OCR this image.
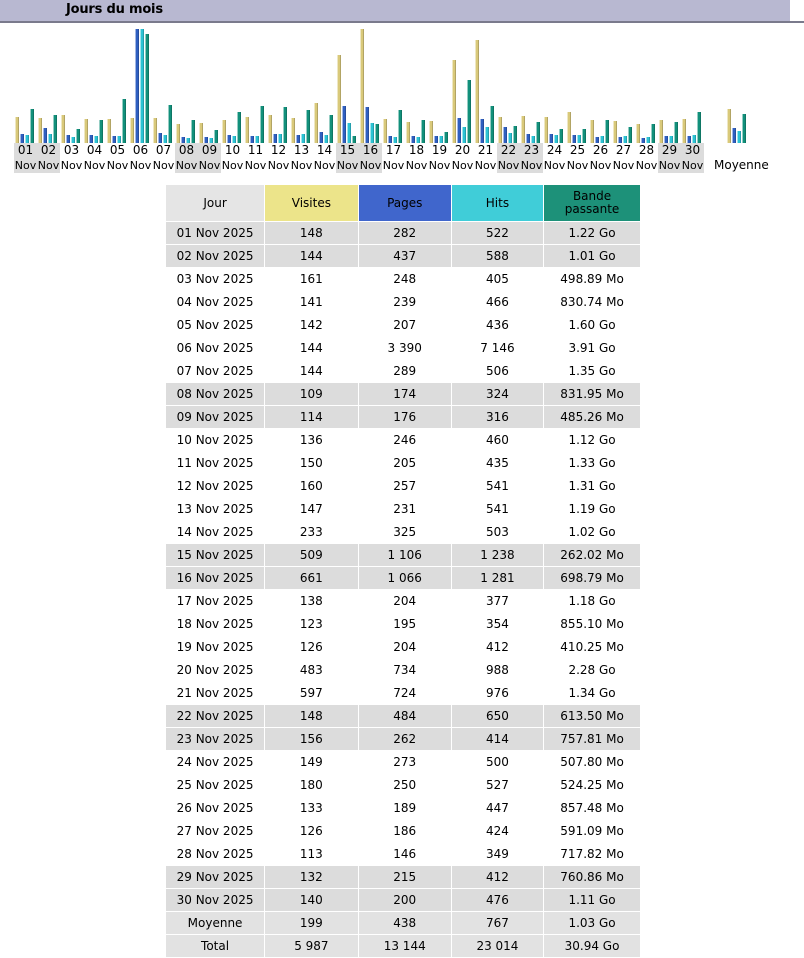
Jours du mois
01
Nov
02
Nov
03
Nov
04
Nov
05
Nov
06
Nov
07
Nov
08
Nov
09
Nov
10
Nov
11
Nov
12
Nov
13
Nov
14
Nov
15
Nov
16
Nov
17
Nov
18
Nov
19
Nov
20
Nov
21
Nov
22
Nov
23
Nov
24
Nov
25
Nov
26
Nov
27
Nov
28
Nov
29
Nov
30
Nov Moyenne
Jour	Visites	Pages	Hits	Bande passante
01 Nov 2025	148	282	522	1.22 Go
02 Nov 2025	144	437	588	1.01 Go
03 Nov 2025	161	248	405	498.89 Mo
04 Nov 2025	141	239	466	830.74 Mo
05 Nov 2025	142	207	436	1.60 Go
06 Nov 2025	144	3 390	7 146	3.91 Go
07 Nov 2025	144	289	506	1.35 Go
08 Nov 2025	109	174	324	831.95 Mo
09 Nov 2025	114	176	316	485.26 Mo
10 Nov 2025	136	246	460	1.12 Go
11 Nov 2025	150	205	435	1.33 Go
12 Nov 2025	160	257	541	1.31 Go
13 Nov 2025	147	231	541	1.19 Go
14 Nov 2025	233	325	503	1.02 Go
15 Nov 2025	509	1 106	1 238	262.02 Mo
16 Nov 2025	661	1 066	1 281	698.79 Mo
17 Nov 2025	138	204	377	1.18 Go
18 Nov 2025	123	195	354	855.10 Mo
19 Nov 2025	126	204	412	410.25 Mo
20 Nov 2025	483	734	988	2.28 Go
21 Nov 2025	597	724	976	1.34 Go
22 Nov 2025	148	484	650	613.50 Mo
23 Nov 2025	156	262	414	757.81 Mo
24 Nov 2025	149	273	500	507.80 Mo
25 Nov 2025	180	250	527	524.25 Mo
26 Nov 2025	133	189	447	857.48 Mo
27 Nov 2025	126	186	424	591.09 Mo
28 Nov 2025	113	146	349	717.82 Mo
29 Nov 2025	132	215	412	760.86 Mo
30 Nov 2025	140	200	476	1.11 Go
Moyenne	199	438	767	1.03 Go
Total	5 987	13 144	23 014	30.94 Go
